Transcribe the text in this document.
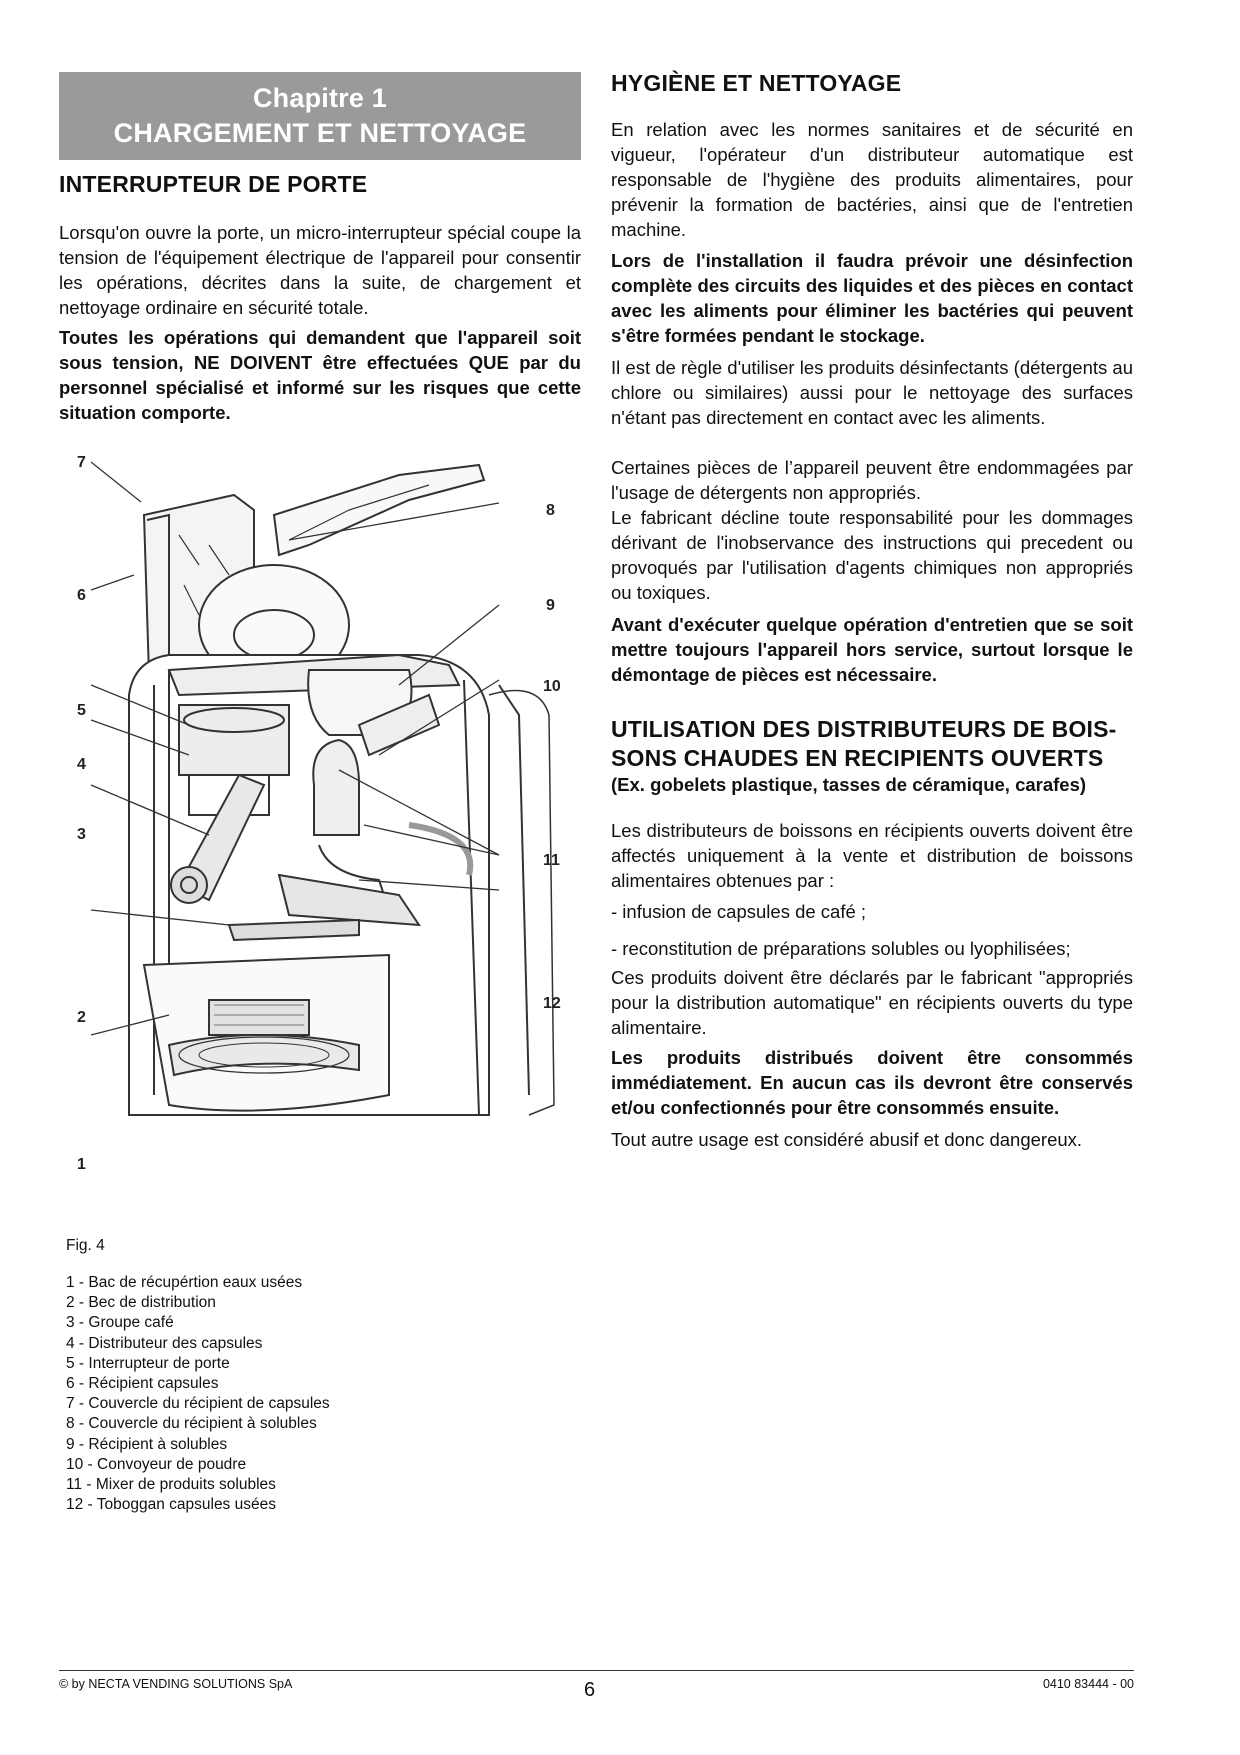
Chapitre 1
CHARGEMENT ET NETTOYAGE
INTERRUPTEUR DE PORTE

Lorsqu'on ouvre la porte, un micro-interrupteur spécial coupe la tension de l'équipement électrique de l'appareil pour consentir les opérations, décrites dans la suite, de chargement et nettoyage ordinaire en sécurité totale.

Toutes les opérations qui demandent que l'appareil soit sous tension, NE DOIVENT être effectuées QUE par du personnel spécialisé et informé sur les risques que cette situation comporte.

7
8
6
9
10
5
4
3
11
12
2
1
Fig. 4
1 - Bac de récupértion eaux usées
2 - Bec de distribution
3 - Groupe café
4 - Distributeur des capsules
5 - Interrupteur de porte
6 - Récipient capsules
7 - Couvercle du récipient de capsules
8 - Couvercle du récipient à solubles
9 - Récipient à solubles
10 - Convoyeur de poudre
11 - Mixer de produits solubles
12 - Toboggan capsules usées
HYGIÈNE ET NETTOYAGE

En relation avec les normes sanitaires et de sécurité en vigueur, l'opérateur d'un distributeur automatique est responsable de l'hygiène des produits alimentaires, pour prévenir la formation de bactéries, ainsi que de l'entretien machine.

Lors de l'installation il faudra prévoir une désinfection complète des circuits des liquides et des pièces en contact avec les aliments pour éliminer les bactéries qui peuvent s'être formées pendant le stockage.

Il est de règle d'utiliser les produits désinfectants (détergents au chlore ou similaires) aussi pour le nettoyage des surfaces n'étant pas directement en contact avec les aliments.

Certaines pièces de l’appareil peuvent être endommagées par l'usage de détergents non appropriés.

Le fabricant décline toute responsabilité pour les dommages dérivant de l'inobservance des instructions qui precedent ou provoqués par l'utilisation d'agents chimiques non appropriés ou toxiques.

Avant d'exécuter quelque opération d'entretien que se soit mettre toujours l'appareil hors service, surtout lorsque le démontage de pièces est nécessaire.

UTILISATION DES DISTRIBUTEURS DE BOIS-
SONS CHAUDES EN RECIPIENTS OUVERTS
(Ex. gobelets plastique, tasses de céramique, carafes)

Les distributeurs de boissons en récipients ouverts doivent être affectés uniquement à la vente et distribution de boissons alimentaires obtenues par :

- infusion de capsules de café ;

- reconstitution de préparations solubles ou lyophilisées;

Ces produits doivent être déclarés par le fabricant "appropriés pour la distribution automatique" en récipients ouverts du type alimentaire.

Les produits distribués doivent être consommés immédiatement. En aucun cas ils devront être conservés et/ou confectionnés pour être consommés ensuite.

Tout autre usage est considéré abusif et donc dangereux.

© by NECTA VENDING SOLUTIONS SpA	6	0410 83444 - 00
